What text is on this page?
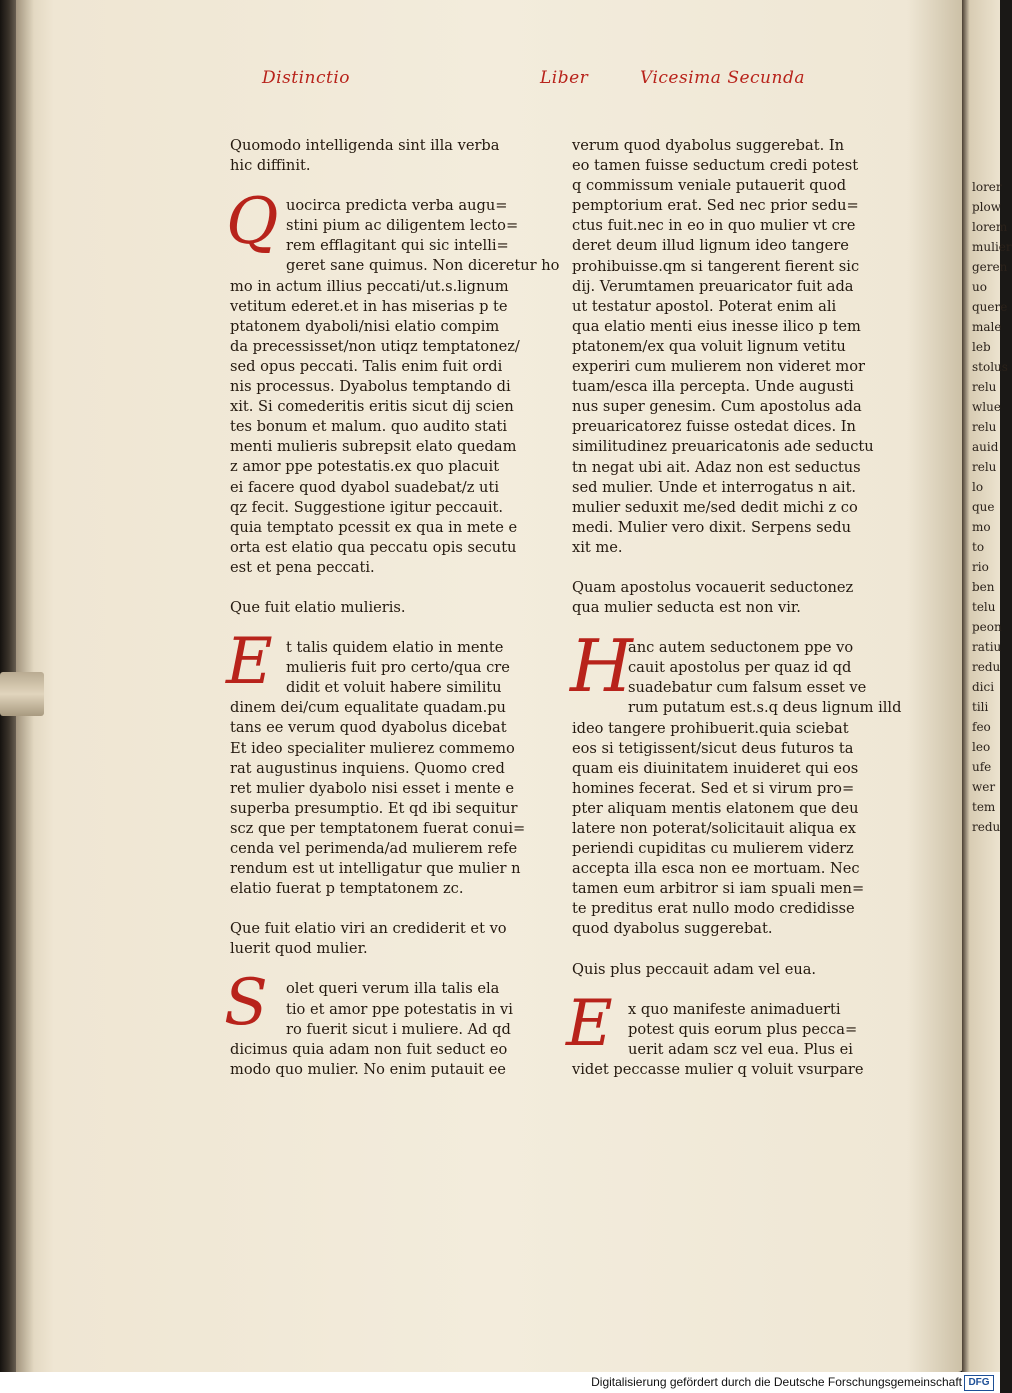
lorer
plow
lorem
mulier
geren
uo
quere
male
leb
stolus
relu
wlue
relu
auid
relu
lo
que
mo
to
rio
ben
telu
peon
ratiu
redu
dici
tili
feo
leo
ufe
wer
tem
redu
Distinctio	Liber	Vicesima Secunda
Quomodo intelligenda sint illa verba
hic diffinit.
Q uocirca predicta verba augu=
stini pium ac diligentem lecto=
rem efflagitant qui sic intelli=
geret sane quimus. Non diceretur ho
mo in actum illius peccati/ut.s.lignum
vetitum ederet.et in has miserias p te
ptatonem dyaboli/nisi elatio compim
da precessisset/non utiqz temptatonez/
sed opus peccati. Talis enim fuit ordi
nis processus. Dyabolus temptando di
xit. Si comederitis eritis sicut dij scien
tes bonum et malum. quo audito stati
menti mulieris subrepsit elato quedam
z amor ppe potestatis.ex quo placuit
ei facere quod dyabol suadebat/z uti
qz fecit. Suggestione igitur peccauit.
quia temptato pcessit ex qua in mete e
orta est elatio qua peccatu opis secutu
est et pena peccati.
Que fuit elatio mulieris.
E t talis quidem elatio in mente
mulieris fuit pro certo/qua cre
didit et voluit habere similitu
dinem dei/cum equalitate quadam.pu
tans ee verum quod dyabolus dicebat
Et ideo specialiter mulierez commemo
rat augustinus inquiens. Quomo cred
ret mulier dyabolo nisi esset i mente e
superba presumptio. Et qd ibi sequitur
scz que per temptatonem fuerat conui=
cenda vel perimenda/ad mulierem refe
rendum est ut intelligatur que mulier n
elatio fuerat p temptatonem zc.
Que fuit elatio viri an crediderit et vo
luerit quod mulier.
S	olet queri verum illa talis ela
tio et amor ppe potestatis in vi
ro fuerit sicut i muliere. Ad qd
dicimus quia adam non fuit seduct eo
modo quo mulier. No enim putauit ee
verum quod dyabolus suggerebat. In
eo tamen fuisse seductum credi potest
q commissum veniale putauerit quod
pemptorium erat. Sed nec prior sedu=
ctus fuit.nec in eo in quo mulier vt cre
deret deum illud lignum ideo tangere
prohibuisse.qm si tangerent fierent sic
dij. Verumtamen preuaricator fuit ada
ut testatur apostol. Poterat enim ali
qua elatio menti eius inesse ilico p tem
ptatonem/ex qua voluit lignum vetitu
experiri cum mulierem non videret mor
tuam/esca illa percepta. Unde augusti
nus super genesim. Cum apostolus ada
preuaricatorez fuisse ostedat dices. In
similitudinez preuaricatonis ade seductu
tn negat ubi ait. Adaz non est seductus
sed mulier. Unde et interrogatus n ait.
mulier seduxit me/sed dedit michi z co
medi. Mulier vero dixit. Serpens sedu
xit me.
Quam apostolus vocauerit seductonez
qua mulier seducta est non vir.
H
anc autem seductonem ppe vo
cauit apostolus per quaz id qd
suadebatur cum falsum esset ve
rum putatum est.s.q deus lignum illd
ideo tangere prohibuerit.quia sciebat
eos si tetigissent/sicut deus futuros ta
quam eis diuinitatem inuideret qui eos
homines fecerat. Sed et si virum pro=
pter aliquam mentis elatonem que deu
latere non poterat/solicitauit aliqua ex
periendi cupiditas cu mulierem viderz
accepta illa esca non ee mortuam. Nec
tamen eum arbitror si iam spuali men=
te preditus erat nullo modo credidisse
quod dyabolus suggerebat.
Quis plus peccauit adam vel eua.
E	x quo manifeste animaduerti
potest quis eorum plus pecca=
uerit adam scz vel eua. Plus ei
videt peccasse mulier q voluit vsurpare
Digitalisierung gefördert durch die Deutsche Forschungsgemeinschaft DFG
